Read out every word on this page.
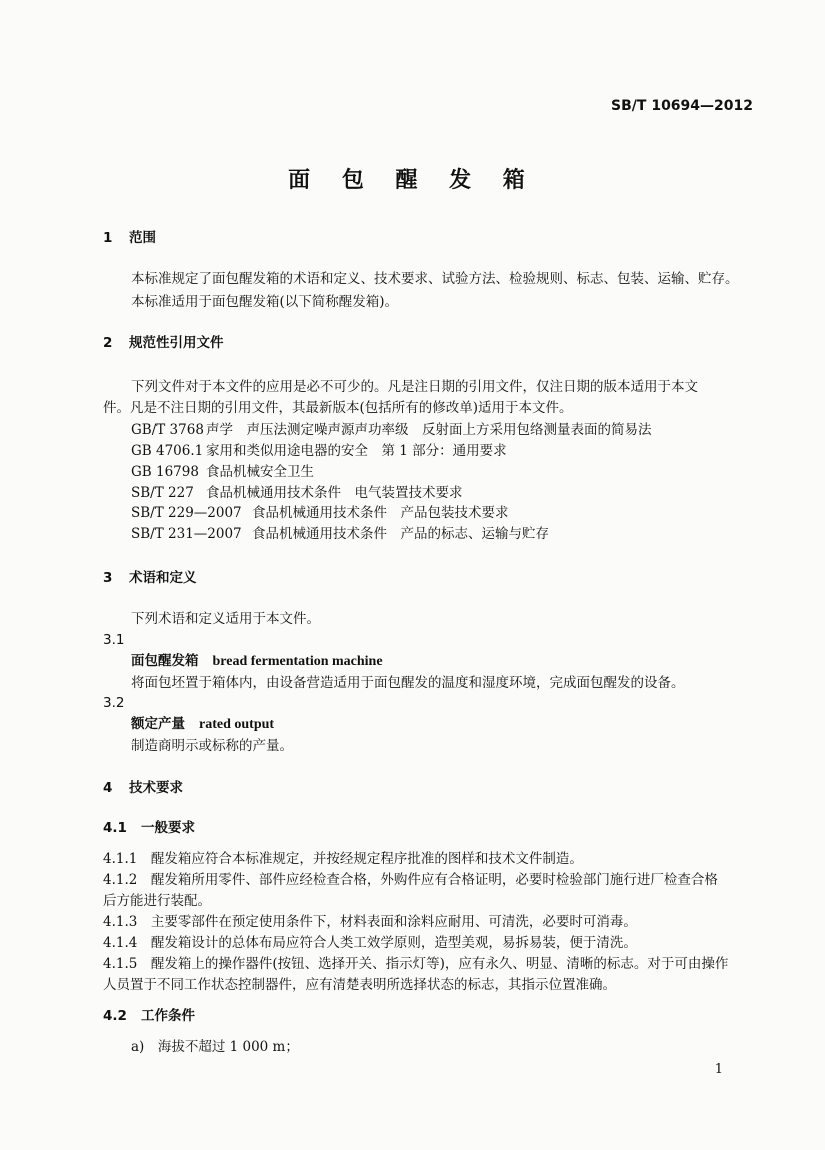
SB/T 10694—2012
面 包 醒 发 箱
1 范围
本标准规定了面包醒发箱的术语和定义、技术要求、试验方法、检验规则、标志、包装、运输、贮存。
本标准适用于面包醒发箱(以下简称醒发箱)。
2 规范性引用文件
下列文件对于本文件的应用是必不可少的。凡是注日期的引用文件，仅注日期的版本适用于本文
件。凡是不注日期的引用文件，其最新版本(包括所有的修改单)适用于本文件。
GB/T 3768 声学　声压法测定噪声源声功率级　反射面上方采用包络测量表面的简易法
GB 4706.1 家用和类似用途电器的安全　第 1 部分：通用要求
GB 16798 食品机械安全卫生
SB/T 227 食品机械通用技术条件　电气装置技术要求
SB/T 229—2007 食品机械通用技术条件　产品包装技术要求
SB/T 231—2007 食品机械通用技术条件　产品的标志、运输与贮存
3 术语和定义
下列术语和定义适用于本文件。
3.1
面包醒发箱 bread fermentation machine
将面包坯置于箱体内，由设备营造适用于面包醒发的温度和湿度环境，完成面包醒发的设备。
3.2
额定产量 rated output
制造商明示或标称的产量。
4 技术要求
4.1 一般要求
4.1.1　醒发箱应符合本标准规定，并按经规定程序批准的图样和技术文件制造。
4.1.2　醒发箱所用零件、部件应经检查合格，外购件应有合格证明，必要时检验部门施行进厂检查合格
后方能进行装配。
4.1.3　主要零部件在预定使用条件下，材料表面和涂料应耐用、可清洗，必要时可消毒。
4.1.4　醒发箱设计的总体布局应符合人类工效学原则，造型美观，易拆易装，便于清洗。
4.1.5　醒发箱上的操作器件(按钮、选择开关、指示灯等)，应有永久、明显、清晰的标志。对于可由操作
人员置于不同工作状态控制器件，应有清楚表明所选择状态的标志，其指示位置准确。
4.2 工作条件
a)　海拔不超过 1 000 m；
1
